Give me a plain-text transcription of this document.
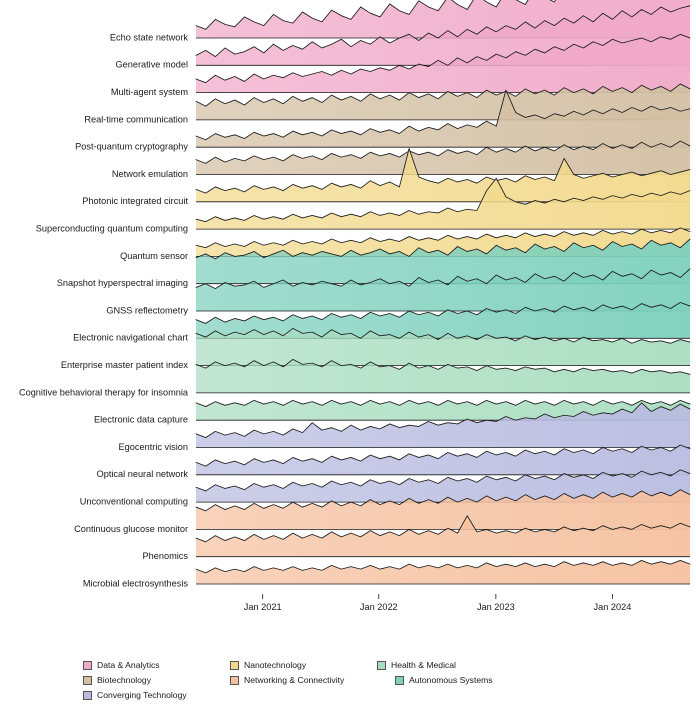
Echo state network
Generative model
Multi-agent system
Real-time communication
Post-quantum cryptography
Network emulation
Photonic integrated circuit
Superconducting quantum computing
Quantum sensor
Snapshot hyperspectral imaging
GNSS reflectometry
Electronic navigational chart
Enterprise master patient index
Cognitive behavioral therapy for insomnia
Electronic data capture
Egocentric vision
Optical neural network
Unconventional computing
Continuous glucose monitor
Phenomics
Microbial electrosynthesis
Jan 2021	Jan 2022	Jan 2023	Jan 2024
Data & Analytics	Nanotechnology	Health & Medical
Biotechnology	Networking & Connectivity	Autonomous Systems
Converging Technology
